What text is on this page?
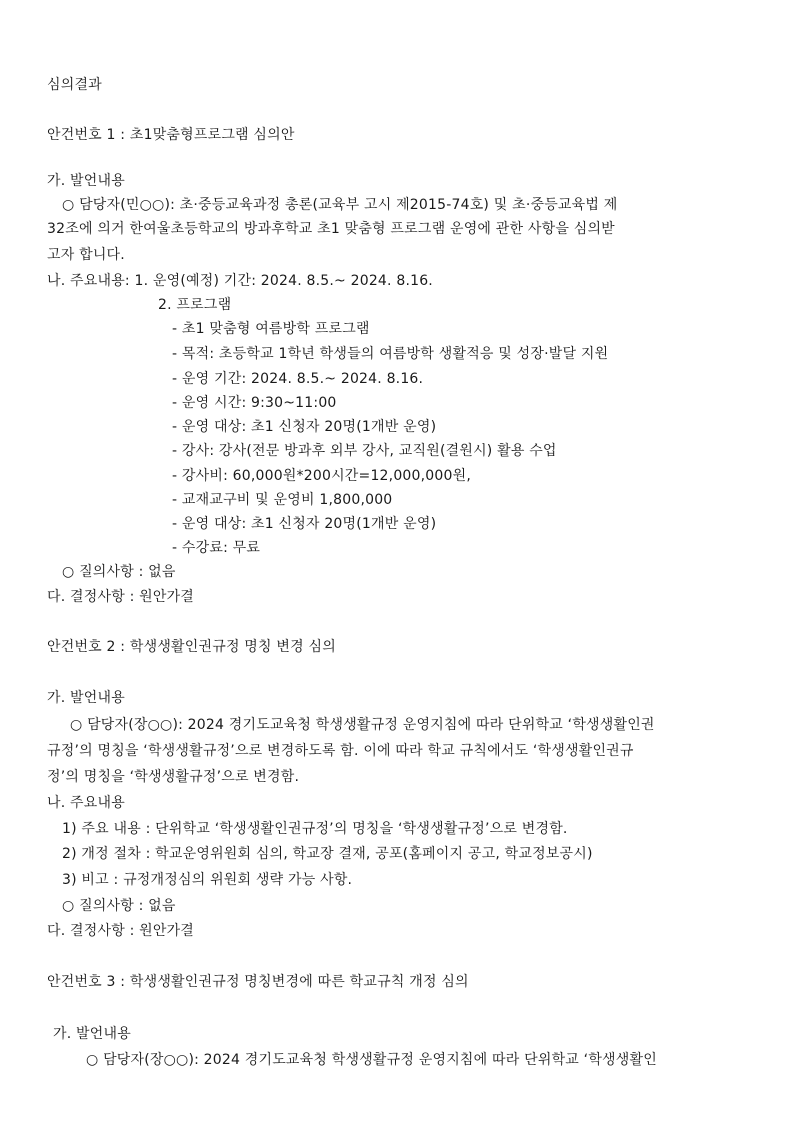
심의결과
안건번호 1 : 초1맞춤형프로그램 심의안
가. 발언내용
○ 담당자(민○○): 초·중등교육과정 총론(교육부 고시 제2015-74호) 및 초·중등교육법 제
32조에 의거 한여울초등학교의 방과후학교 초1 맞춤형 프로그램 운영에 관한 사항을 심의받
고자 합니다.
나. 주요내용: 1. 운영(예정) 기간: 2024. 8.5.~ 2024. 8.16.
2. 프로그램
- 초1 맞춤형 여름방학 프로그램
- 목적: 초등학교 1학년 학생들의 여름방학 생활적응 및 성장·발달 지원
- 운영 기간: 2024. 8.5.~ 2024. 8.16.
- 운영 시간: 9:30~11:00
- 운영 대상: 초1 신청자 20명(1개반 운영)
- 강사: 강사(전문 방과후 외부 강사, 교직원(결원시) 활용 수업
- 강사비: 60,000원*200시간=12,000,000원,
- 교재교구비 및 운영비 1,800,000
- 운영 대상: 초1 신청자 20명(1개반 운영)
- 수강료: 무료
○ 질의사항 : 없음
다. 결정사항 : 원안가결
안건번호 2 : 학생생활인권규정 명칭 변경 심의
가. 발언내용
○ 담당자(장○○): 2024 경기도교육청 학생생활규정 운영지침에 따라 단위학교 ‘학생생활인권
규정’의 명칭을 ‘학생생활규정’으로 변경하도록 함. 이에 따라 학교 규칙에서도 ‘학생생활인권규
정’의 명칭을 ‘학생생활규정’으로 변경함.
나. 주요내용
1) 주요 내용 : 단위학교 ‘학생생활인권규정’의 명칭을 ‘학생생활규정’으로 변경함.
2) 개정 절차 : 학교운영위원회 심의, 학교장 결재, 공포(홈페이지 공고, 학교정보공시)
3) 비고 : 규정개정심의 위원회 생략 가능 사항.
○ 질의사항 : 없음
다. 결정사항 : 원안가결
안건번호 3 : 학생생활인권규정 명칭변경에 따른 학교규칙 개정 심의
가. 발언내용
○ 담당자(장○○): 2024 경기도교육청 학생생활규정 운영지침에 따라 단위학교 ‘학생생활인
